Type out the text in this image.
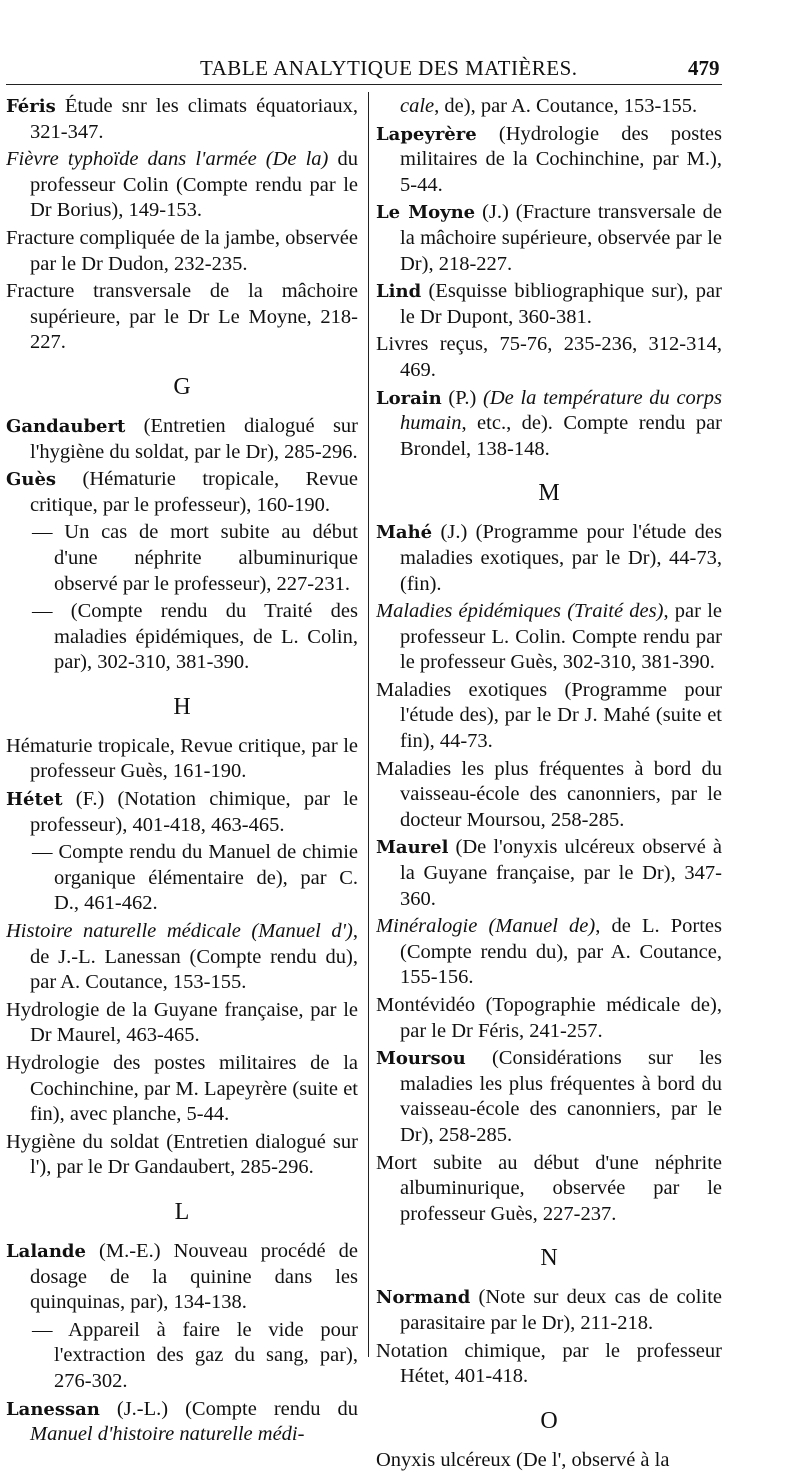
TABLE ANALYTIQUE DES MATIÈRES.	479
Féris Étude snr les climats équatoriaux, 321-347.
Fièvre typhoïde dans l'armée (De la) du professeur Colin (Compte rendu par le Dr Borius), 149-153.
Fracture compliquée de la jambe, observée par le Dr Dudon, 232-235.
Fracture transversale de la mâchoire supérieure, par le Dr Le Moyne, 218-227.
G
Gandaubert (Entretien dialogué sur l'hygiène du soldat, par le Dr), 285-296.
Guès (Hématurie tropicale, Revue critique, par le professeur), 160-190.
— Un cas de mort subite au début d'une néphrite albuminurique observé par le professeur), 227-231.
— (Compte rendu du Traité des maladies épidémiques, de L. Colin, par), 302-310, 381-390.
H
Hématurie tropicale, Revue critique, par le professeur Guès, 161-190.
Hétet (F.) (Notation chimique, par le professeur), 401-418, 463-465.
— Compte rendu du Manuel de chimie organique élémentaire de), par C. D., 461-462.
Histoire naturelle médicale (Manuel d'), de J.-L. Lanessan (Compte rendu du), par A. Coutance, 153-155.
Hydrologie de la Guyane française, par le Dr Maurel, 463-465.
Hydrologie des postes militaires de la Cochinchine, par M. Lapeyrère (suite et fin), avec planche, 5-44.
Hygiène du soldat (Entretien dialogué sur l'), par le Dr Gandaubert, 285-296.
L
Lalande (M.-E.) Nouveau procédé de dosage de la quinine dans les quinquinas, par), 134-138.
— Appareil à faire le vide pour l'extraction des gaz du sang, par), 276-302.
Lanessan (J.-L.) (Compte rendu du Manuel d'histoire naturelle médi-
cale, de), par A. Coutance, 153-155.
Lapeyrère (Hydrologie des postes militaires de la Cochinchine, par M.), 5-44.
Le Moyne (J.) (Fracture transversale de la mâchoire supérieure, observée par le Dr), 218-227.
Lind (Esquisse bibliographique sur), par le Dr Dupont, 360-381.
Livres reçus, 75-76, 235-236, 312-314, 469.
Lorain (P.) (De la température du corps humain, etc., de). Compte rendu par Brondel, 138-148.
M
Mahé (J.) (Programme pour l'étude des maladies exotiques, par le Dr), 44-73, (fin).
Maladies épidémiques (Traité des), par le professeur L. Colin. Compte rendu par le professeur Guès, 302-310, 381-390.
Maladies exotiques (Programme pour l'étude des), par le Dr J. Mahé (suite et fin), 44-73.
Maladies les plus fréquentes à bord du vaisseau-école des canonniers, par le docteur Moursou, 258-285.
Maurel (De l'onyxis ulcéreux observé à la Guyane française, par le Dr), 347-360.
Minéralogie (Manuel de), de L. Portes (Compte rendu du), par A. Coutance, 155-156.
Montévidéo (Topographie médicale de), par le Dr Féris, 241-257.
Moursou (Considérations sur les maladies les plus fréquentes à bord du vaisseau-école des canonniers, par le Dr), 258-285.
Mort subite au début d'une néphrite albuminurique, observée par le professeur Guès, 227-237.
N
Normand (Note sur deux cas de colite parasitaire par le Dr), 211-218.
Notation chimique, par le professeur Hétet, 401-418.
O
Onyxis ulcéreux (De l', observé à la
